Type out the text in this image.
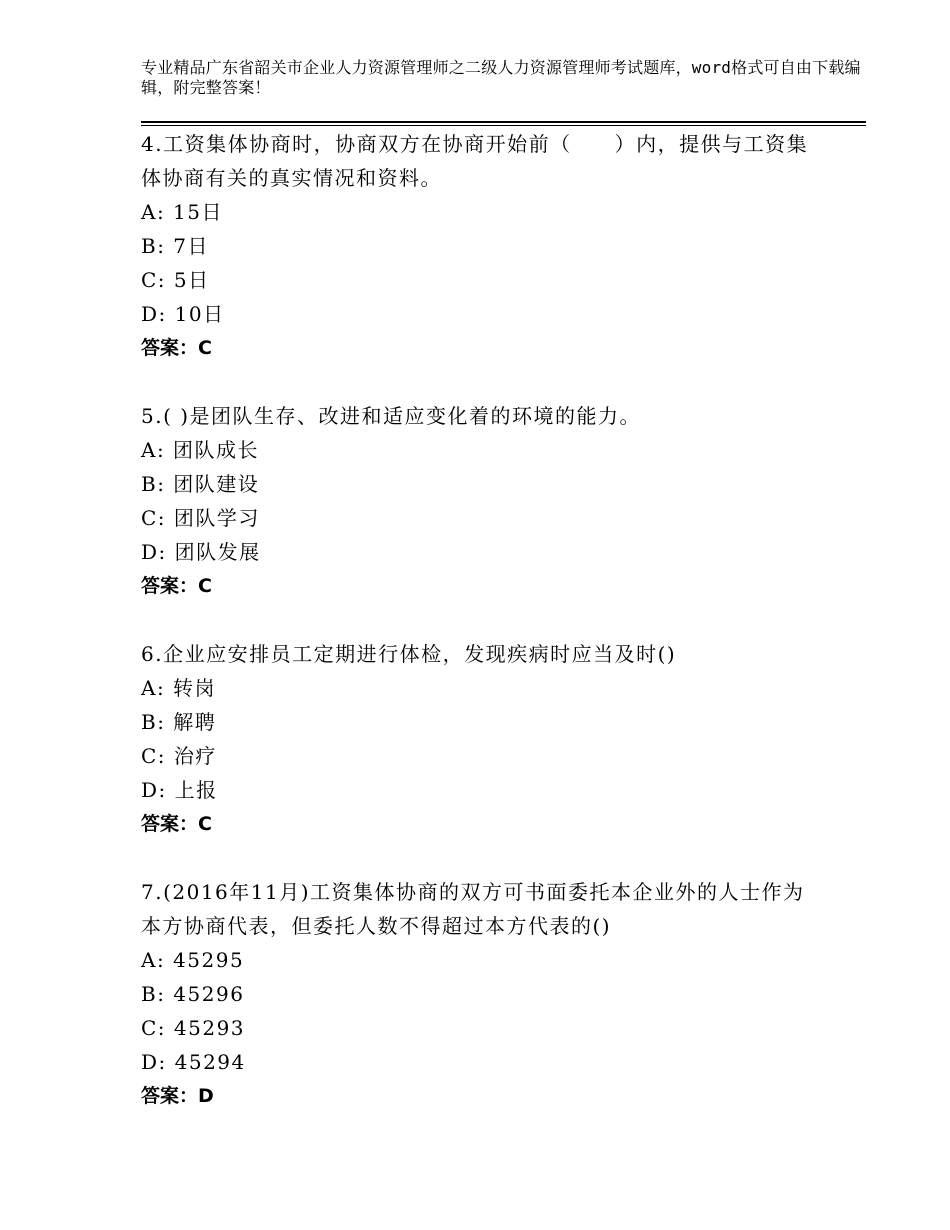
专业精品广东省韶关市企业人力资源管理师之二级人力资源管理师考试题库，word格式可自由下载编辑，附完整答案！

4.工资集体协商时，协商双方在协商开始前（　　）内，提供与工资集体协商有关的真实情况和资料。

A: 15日

B: 7日

C: 5日

D: 10日

答案：C

5.( )是团队生存、改进和适应变化着的环境的能力。

A: 团队成长

B: 团队建设

C: 团队学习

D: 团队发展

答案：C

6.企业应安排员工定期进行体检，发现疾病时应当及时()

A: 转岗

B: 解聘

C: 治疗

D: 上报

答案：C

7.(2016年11月)工资集体协商的双方可书面委托本企业外的人士作为本方协商代表，但委托人数不得超过本方代表的()

A: 45295

B: 45296

C: 45293

D: 45294

答案：D
